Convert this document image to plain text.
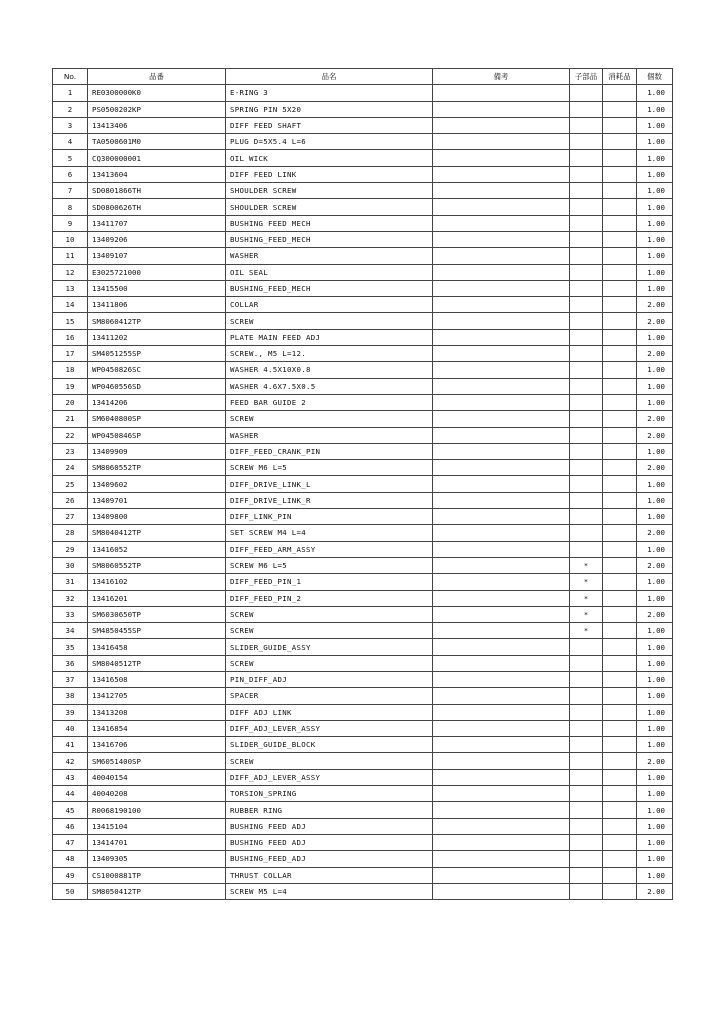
No.	品番	品名	備考	子部品	消耗品	個数
1	RE0300000K0	E-RING 3				1.00
2	PS0500202KP	SPRING PIN 5X20				1.00
3	13413406	DIFF FEED SHAFT				1.00
4	TA0500601M0	PLUG D=5X5.4 L=6				1.00
5	CQ300000001	OIL WICK				1.00
6	13413604	DIFF FEED LINK				1.00
7	SD0801866TH	SHOULDER SCREW				1.00
8	SD0800626TH	SHOULDER SCREW				1.00
9	13411707	BUSHING FEED MECH				1.00
10	13409206	BUSHING_FEED_MECH				1.00
11	13409107	WASHER				1.00
12	E3025721000	OIL SEAL				1.00
13	13415500	BUSHING_FEED_MECH				1.00
14	13411806	COLLAR				2.00
15	SM8060412TP	SCREW				2.00
16	13411202	PLATE MAIN FEED ADJ				1.00
17	SM4051255SP	SCREW., M5 L=12.				2.00
18	WP0450826SC	WASHER 4.5X10X0.8				1.00
19	WP0460556SD	WASHER 4.6X7.5X0.5				1.00
20	13414206	FEED BAR GUIDE 2				1.00
21	SM6040800SP	SCREW				2.00
22	WP0450846SP	WASHER				2.00
23	13409909	DIFF_FEED_CRANK_PIN				1.00
24	SM8060552TP	SCREW M6 L=5				2.00
25	13409602	DIFF_DRIVE_LINK_L				1.00
26	13409701	DIFF_DRIVE_LINK_R				1.00
27	13409800	DIFF_LINK_PIN				1.00
28	SM8040412TP	SET SCREW M4 L=4				2.00
29	13416052	DIFF_FEED_ARM_ASSY				1.00
30	SM8060552TP	SCREW M6 L=5		*		2.00
31	13416102	DIFF_FEED_PIN_1		*		1.00
32	13416201	DIFF_FEED_PIN_2		*		1.00
33	SM6030650TP	SCREW		*		2.00
34	SM4850455SP	SCREW		*		1.00
35	13416458	SLIDER_GUIDE_ASSY				1.00
36	SM8040512TP	SCREW				1.00
37	13416508	PIN_DIFF_ADJ				1.00
38	13412705	SPACER				1.00
39	13413208	DIFF ADJ LINK				1.00
40	13416854	DIFF_ADJ_LEVER_ASSY				1.00
41	13416706	SLIDER_GUIDE_BLOCK				1.00
42	SM6051400SP	SCREW				2.00
43	40040154	DIFF_ADJ_LEVER_ASSY				1.00
44	40040208	TORSION_SPRING				1.00
45	R0068190100	RUBBER RING				1.00
46	13415104	BUSHING FEED ADJ				1.00
47	13414701	BUSHING FEED ADJ				1.00
48	13409305	BUSHING_FEED_ADJ				1.00
49	CS1000881TP	THRUST COLLAR				1.00
50	SM8050412TP	SCREW M5 L=4				2.00
